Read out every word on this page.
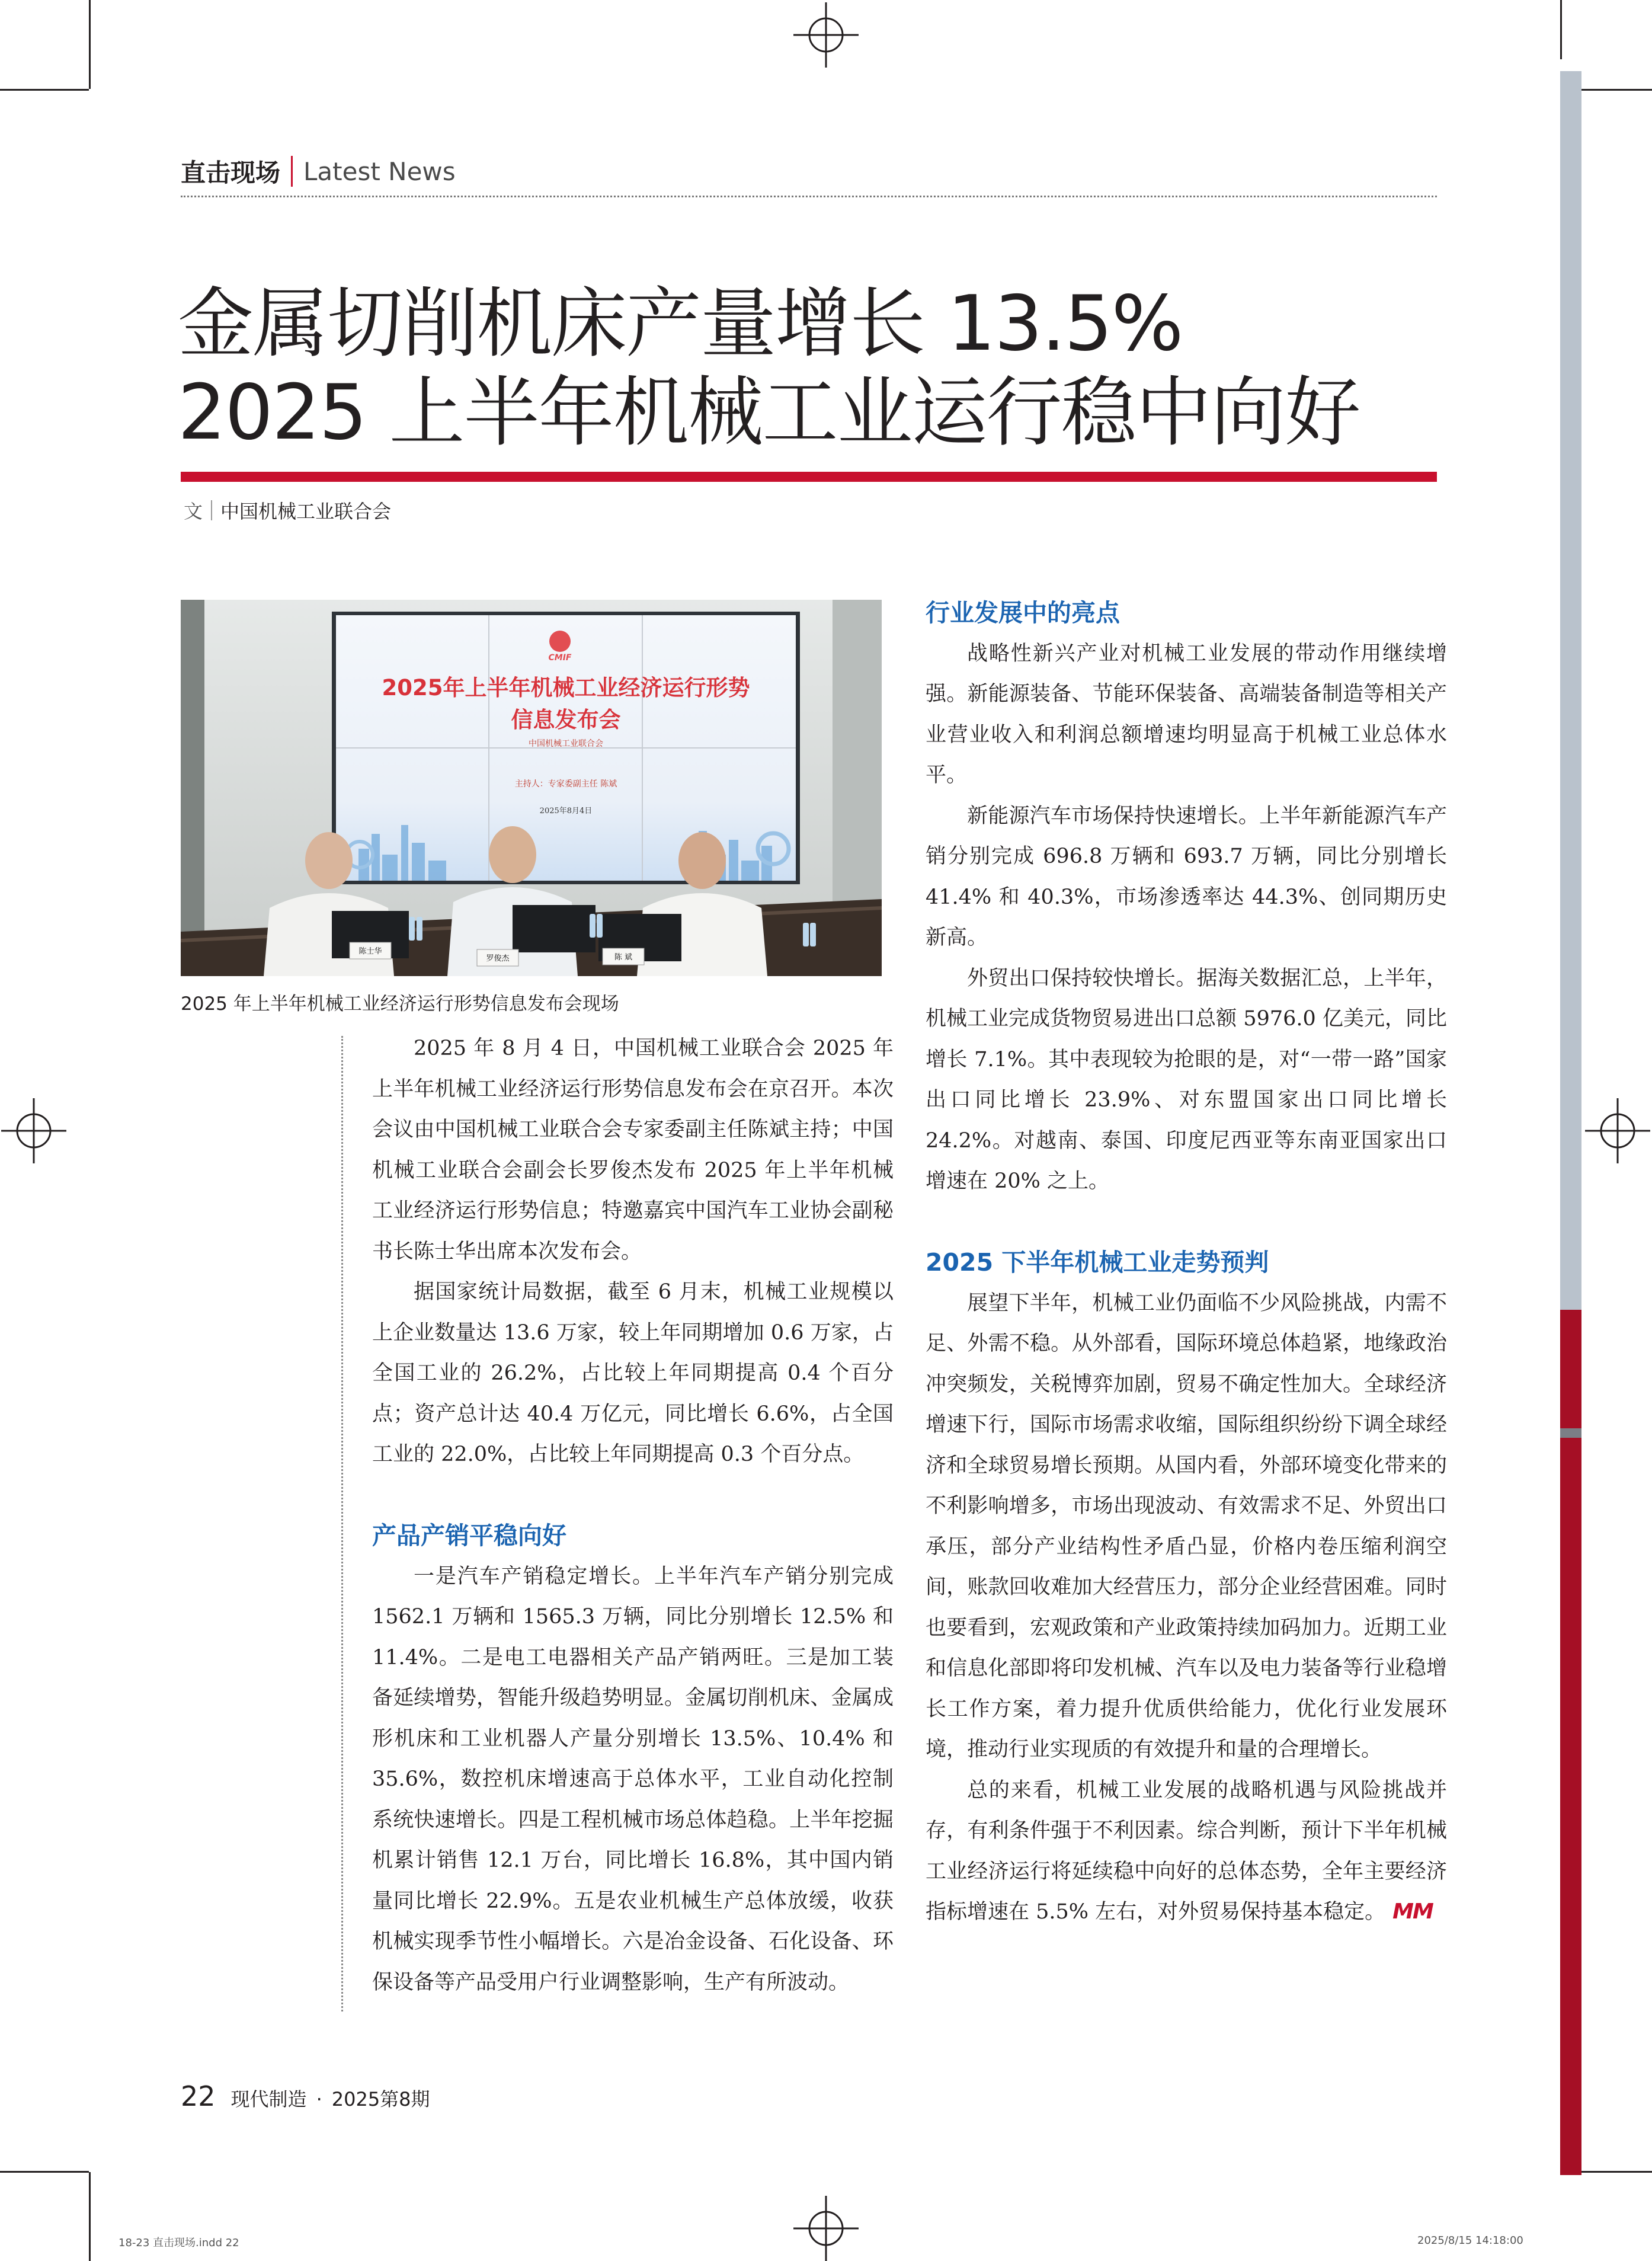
直击现场 Latest News
金属切削机床产量增长 13.5%
2025 上半年机械工业运行稳中向好
文 中国机械工业联合会
CMIF
2025年上半年机械工业经济运行形势
信息发布会
中国机械工业联合会
主持人：专家委副主任 陈斌
2025年8月4日
陈士华
罗俊杰	陈 斌
2025 年上半年机械工业经济运行形势信息发布会现场

2025 年 8 月 4 日，中国机械工业联合会 2025 年上半年机械工业经济运行形势信息发布会在京召开。本次会议由中国机械工业联合会专家委副主任陈斌主持；中国机械工业联合会副会长罗俊杰发布 2025 年上半年机械工业经济运行形势信息；特邀嘉宾中国汽车工业协会副秘书长陈士华出席本次发布会。

据国家统计局数据，截至 6 月末，机械工业规模以上企业数量达 13.6 万家，较上年同期增加 0.6 万家，占全国工业的 26.2%，占比较上年同期提高 0.4 个百分点；资产总计达 40.4 万亿元，同比增长 6.6%，占全国工业的 22.0%，占比较上年同期提高 0.3 个百分点。

产品产销平稳向好

一是汽车产销稳定增长。上半年汽车产销分别完成 1562.1 万辆和 1565.3 万辆，同比分别增长 12.5% 和 11.4%。二是电工电器相关产品产销两旺。三是加工装备延续增势，智能升级趋势明显。金属切削机床、金属成形机床和工业机器人产量分别增长 13.5%、10.4% 和 35.6%，数控机床增速高于总体水平，工业自动化控制系统快速增长。四是工程机械市场总体趋稳。上半年挖掘机累计销售 12.1 万台，同比增长 16.8%，其中国内销量同比增长 22.9%。五是农业机械生产总体放缓，收获机械实现季节性小幅增长。六是冶金设备、石化设备、环保设备等产品受用户行业调整影响，生产有所波动。

行业发展中的亮点

战略性新兴产业对机械工业发展的带动作用继续增强。新能源装备、节能环保装备、高端装备制造等相关产业营业收入和利润总额增速均明显高于机械工业总体水平。

新能源汽车市场保持快速增长。上半年新能源汽车产销分别完成 696.8 万辆和 693.7 万辆，同比分别增长 41.4% 和 40.3%，市场渗透率达 44.3%、创同期历史新高。

外贸出口保持较快增长。据海关数据汇总，上半年，机械工业完成货物贸易进出口总额 5976.0 亿美元，同比增长 7.1%。其中表现较为抢眼的是，对“一带一路”国家出口同比增长 23.9%、对东盟国家出口同比增长 24.2%。对越南、泰国、印度尼西亚等东南亚国家出口增速在 20% 之上。

2025 下半年机械工业走势预判

展望下半年，机械工业仍面临不少风险挑战，内需不足、外需不稳。从外部看，国际环境总体趋紧，地缘政治冲突频发，关税博弈加剧，贸易不确定性加大。全球经济增速下行，国际市场需求收缩，国际组织纷纷下调全球经济和全球贸易增长预期。从国内看，外部环境变化带来的不利影响增多，市场出现波动、有效需求不足、外贸出口承压，部分产业结构性矛盾凸显，价格内卷压缩利润空间，账款回收难加大经营压力，部分企业经营困难。同时也要看到，宏观政策和产业政策持续加码加力。近期工业和信息化部即将印发机械、汽车以及电力装备等行业稳增长工作方案，着力提升优质供给能力，优化行业发展环境，推动行业实现质的有效提升和量的合理增长。

总的来看，机械工业发展的战略机遇与风险挑战并存，有利条件强于不利因素。综合判断，预计下半年机械工业经济运行将延续稳中向好的总体态势，全年主要经济指标增速在 5.5% 左右，对外贸易保持基本稳定。 MM

22 现代制造 · 2025第8期
18-23 直击现场.indd 22	2025/8/15 14:18:00
